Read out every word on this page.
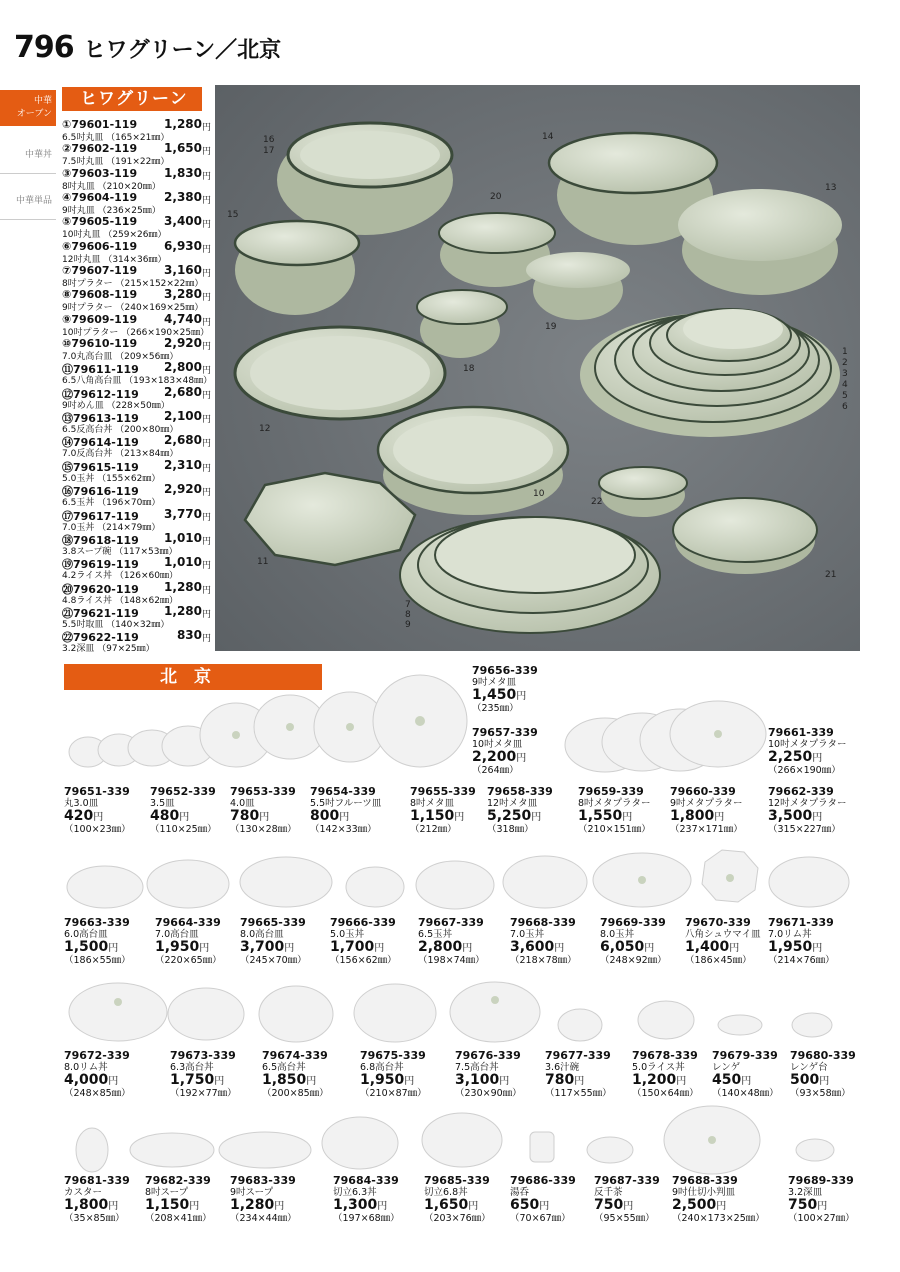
796 ヒワグリーン／北京
中華
オーブン
中華丼
中華単品
ヒワグリーン
①79601-119	1,280 円
6.5吋丸皿 （165×21㎜）
②79602-119	1,650 円
7.5吋丸皿 （191×22㎜）
③79603-119	1,830 円
8吋丸皿 （210×20㎜）
④79604-119	2,380 円
9吋丸皿 （236×25㎜）
⑤79605-119	3,400 円
10吋丸皿 （259×26㎜）
⑥79606-119	6,930 円
12吋丸皿 （314×36㎜）
⑦79607-119	3,160 円
8吋プラター （215×152×22㎜）
⑧79608-119	3,280 円
9吋プラター （240×169×25㎜）
⑨79609-119	4,740 円
10吋プラター （266×190×25㎜）
⑩79610-119	2,920 円
7.0丸高台皿 （209×56㎜）
⑪79611-119	2,800 円
6.5八角高台皿 （193×183×48㎜）
⑫79612-119	2,680 円
9吋めん皿 （228×50㎜）
⑬79613-119	2,100 円
6.5反高台丼 （200×80㎜）
⑭79614-119	2,680 円
7.0反高台丼 （213×84㎜）
⑮79615-119	2,310 円
5.0玉丼 （155×62㎜）
⑯79616-119	2,920 円
6.5玉丼 （196×70㎜）
⑰79617-119	3,770 円
7.0玉丼 （214×79㎜）
⑱79618-119	1,010 円
3.8スープ碗 （117×53㎜）
⑲79619-119	1,010 円
4.2ライス丼 （126×60㎜）
⑳79620-119	1,280 円
4.8ライス丼 （148×62㎜）
㉑79621-119	1,280 円
5.5吋取皿 （140×32㎜）
㉒79622-119	830 円
3.2深皿 （97×25㎜）
16
17
14
13
15
20
19
18
12
1
2
3
4
5
6
10
22
11
21
7
8
9
北　京	79656-339
9吋メタ皿
1,450円
（235㎜）
79657-339
10吋メタ皿
2,200円
（264㎜）
79661-339
10吋メタプラター
2,250円
（266×190㎜）
79651-339
丸3.0皿
420円
（100×23㎜）
79652-339
3.5皿
480円
（110×25㎜）
79653-339
4.0皿
780円
（130×28㎜）
79654-339
5.5吋フルーツ皿
800円
（142×33㎜）
79655-339
8吋メタ皿
1,150円
（212㎜）
79658-339
12吋メタ皿
5,250円
（318㎜）
79659-339
8吋メタプラター
1,550円
（210×151㎜）
79660-339
9吋メタプラター
1,800円
（237×171㎜）
79662-339
12吋メタプラター
3,500円
（315×227㎜）
79663-339
6.0高台皿
1,500円
（186×55㎜）
79664-339
7.0高台皿
1,950円
（220×65㎜）
79665-339
8.0高台皿
3,700円
（245×70㎜）
79666-339
5.0玉丼
1,700円
（156×62㎜）
79667-339
6.5玉丼
2,800円
（198×74㎜）
79668-339
7.0玉丼
3,600円
（218×78㎜）
79669-339
8.0玉丼
6,050円
（248×92㎜）
79670-339
八角シュウマイ皿
1,400円
（186×45㎜）
79671-339
7.0リム丼
1,950円
（214×76㎜）
79672-339
8.0リム丼
4,000円
（248×85㎜）
79673-339
6.3高台丼
1,750円
（192×77㎜）
79674-339
6.5高台丼
1,850円
（200×85㎜）
79675-339
6.8高台丼
1,950円
（210×87㎜）
79676-339
7.5高台丼
3,100円
（230×90㎜）
79677-339
3.6汁碗
780円
（117×55㎜）
79678-339
5.0ライス丼
1,200円
（150×64㎜）
79679-339
レンゲ
450円
（140×48㎜）
79680-339
レンゲ台
500円
（93×58㎜）
79681-339
カスター
1,800円
（35×85㎜）
79682-339
8吋スープ
1,150円
（208×41㎜）
79683-339
9吋スープ
1,280円
（234×44㎜）
79684-339
切立6.3丼
1,300円
（197×68㎜）
79685-339
切立6.8丼
1,650円
（203×76㎜）
79686-339
湯呑
650円
（70×67㎜）
79687-339
反千茶
750円
（95×55㎜）
79688-339
9吋仕切小判皿
2,500円
（240×173×25㎜）
79689-339
3.2深皿
750円
（100×27㎜）
